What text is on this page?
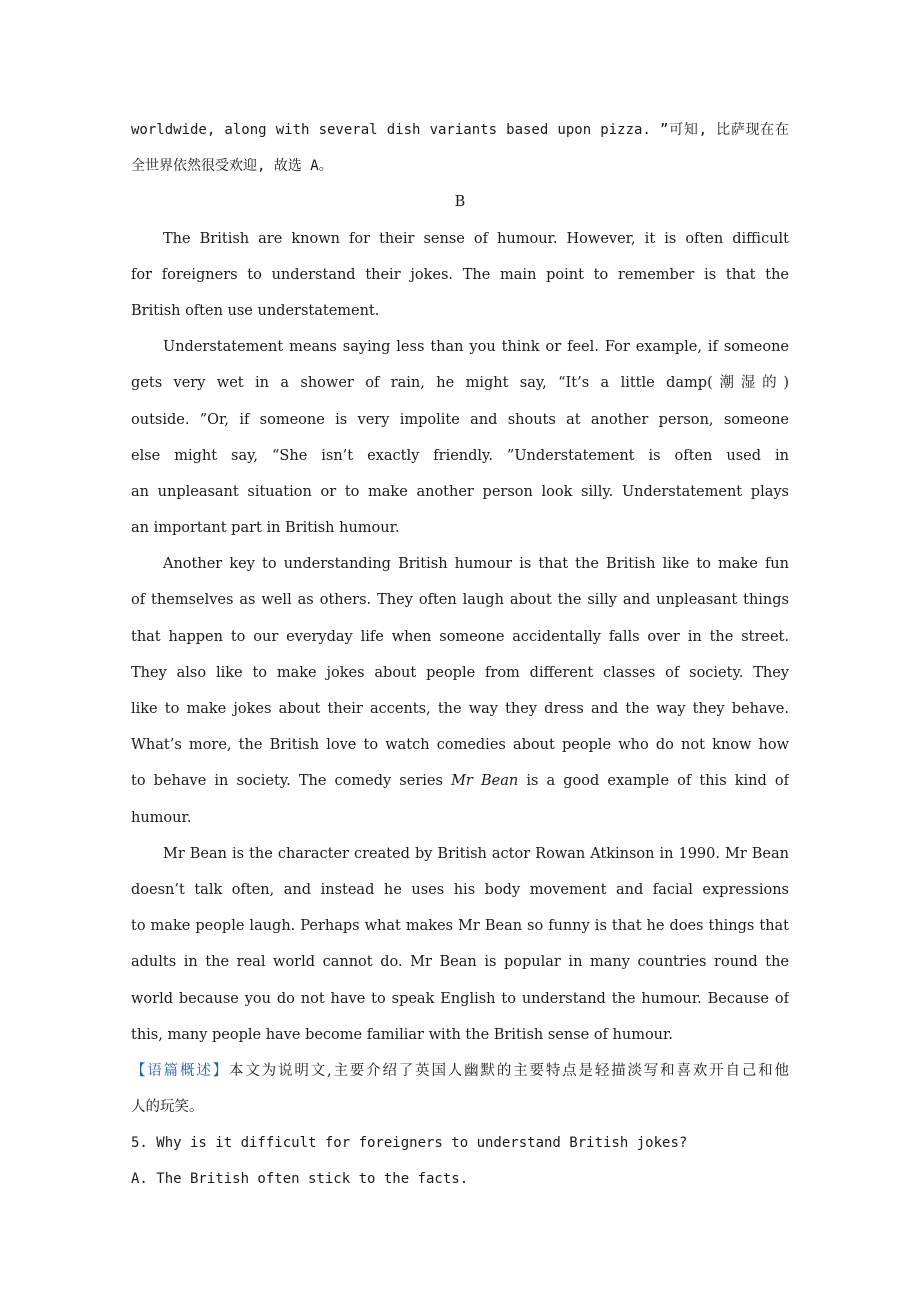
worldwide, along with several dish variants based upon pizza. ”可知, 比萨现在在
全世界依然很受欢迎, 故选 A。
B
The British are known for their sense of humour. However, it is often difficult
for foreigners to understand their jokes. The main point to remember is that the
British often use understatement.
Understatement means saying less than you think or feel. For example, if someone
gets very wet in a shower of rain, he might say, “It’s a little damp(潮湿的)
outside. ”Or, if someone is very impolite and shouts at another person, someone
else might say, “She isn’t exactly friendly. ”Understatement is often used in
an unpleasant situation or to make another person look silly. Understatement plays
an important part in British humour.
Another key to understanding British humour is that the British like to make fun
of themselves as well as others. They often laugh about the silly and unpleasant things
that happen to our everyday life when someone accidentally falls over in the street.
They also like to make jokes about people from different classes of society. They
like to make jokes about their accents, the way they dress and the way they behave.
What’s more, the British love to watch comedies about people who do not know how
to behave in society. The comedy series Mr Bean is a good example of this kind of
humour.
Mr Bean is the character created by British actor Rowan Atkinson in 1990. Mr Bean
doesn’t talk often, and instead he uses his body movement and facial expressions
to make people laugh. Perhaps what makes Mr Bean so funny is that he does things that
adults in the real world cannot do. Mr Bean is popular in many countries round the
world because you do not have to speak English to understand the humour. Because of
this, many people have become familiar with the British sense of humour.
【语篇概述】本文为说明文,主要介绍了英国人幽默的主要特点是轻描淡写和喜欢开自己和他
人的玩笑。
5. Why is it difficult for foreigners to understand British jokes?
A. The British often stick to the facts.
